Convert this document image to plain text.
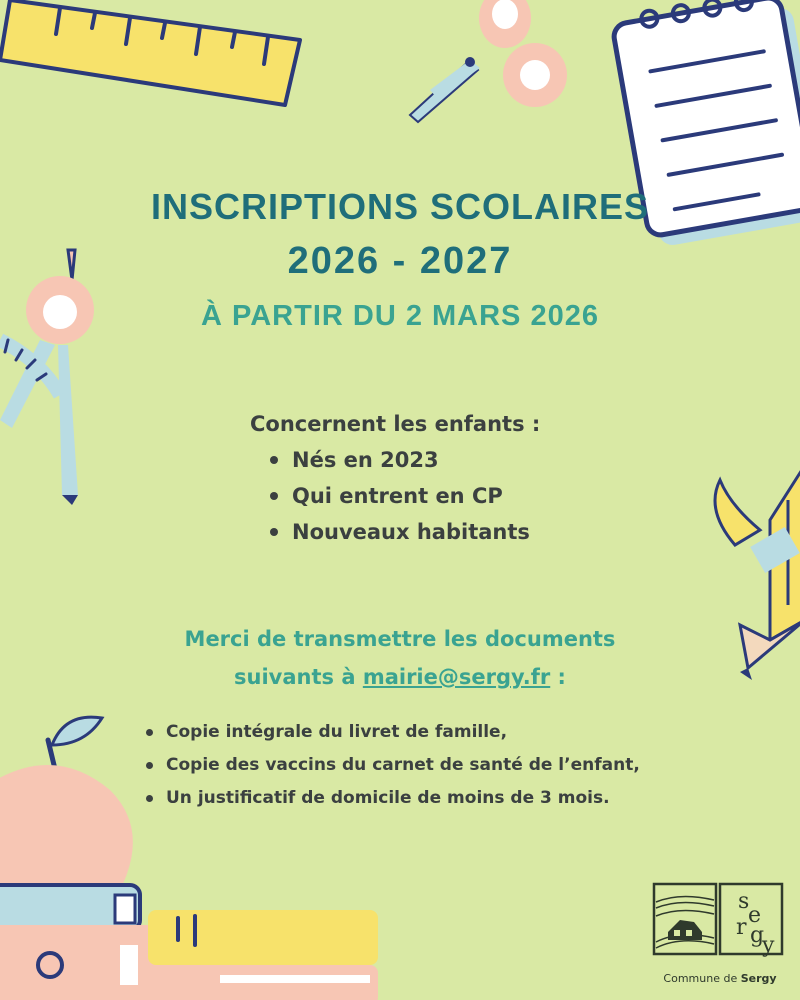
INSCRIPTIONS SCOLAIRES
2026 - 2027
À PARTIR DU 2 MARS 2026
Concernent les enfants :
Nés en 2023
Qui entrent en CP
Nouveaux habitants
Merci de transmettre les documents
suivants à mairie@sergy.fr :
Copie intégrale du livret de famille,
Copie des vaccins du carnet de santé de l’enfant,
Un justificatif de domicile de moins de 3 mois.
s
e
r g
y
Commune de Sergy
